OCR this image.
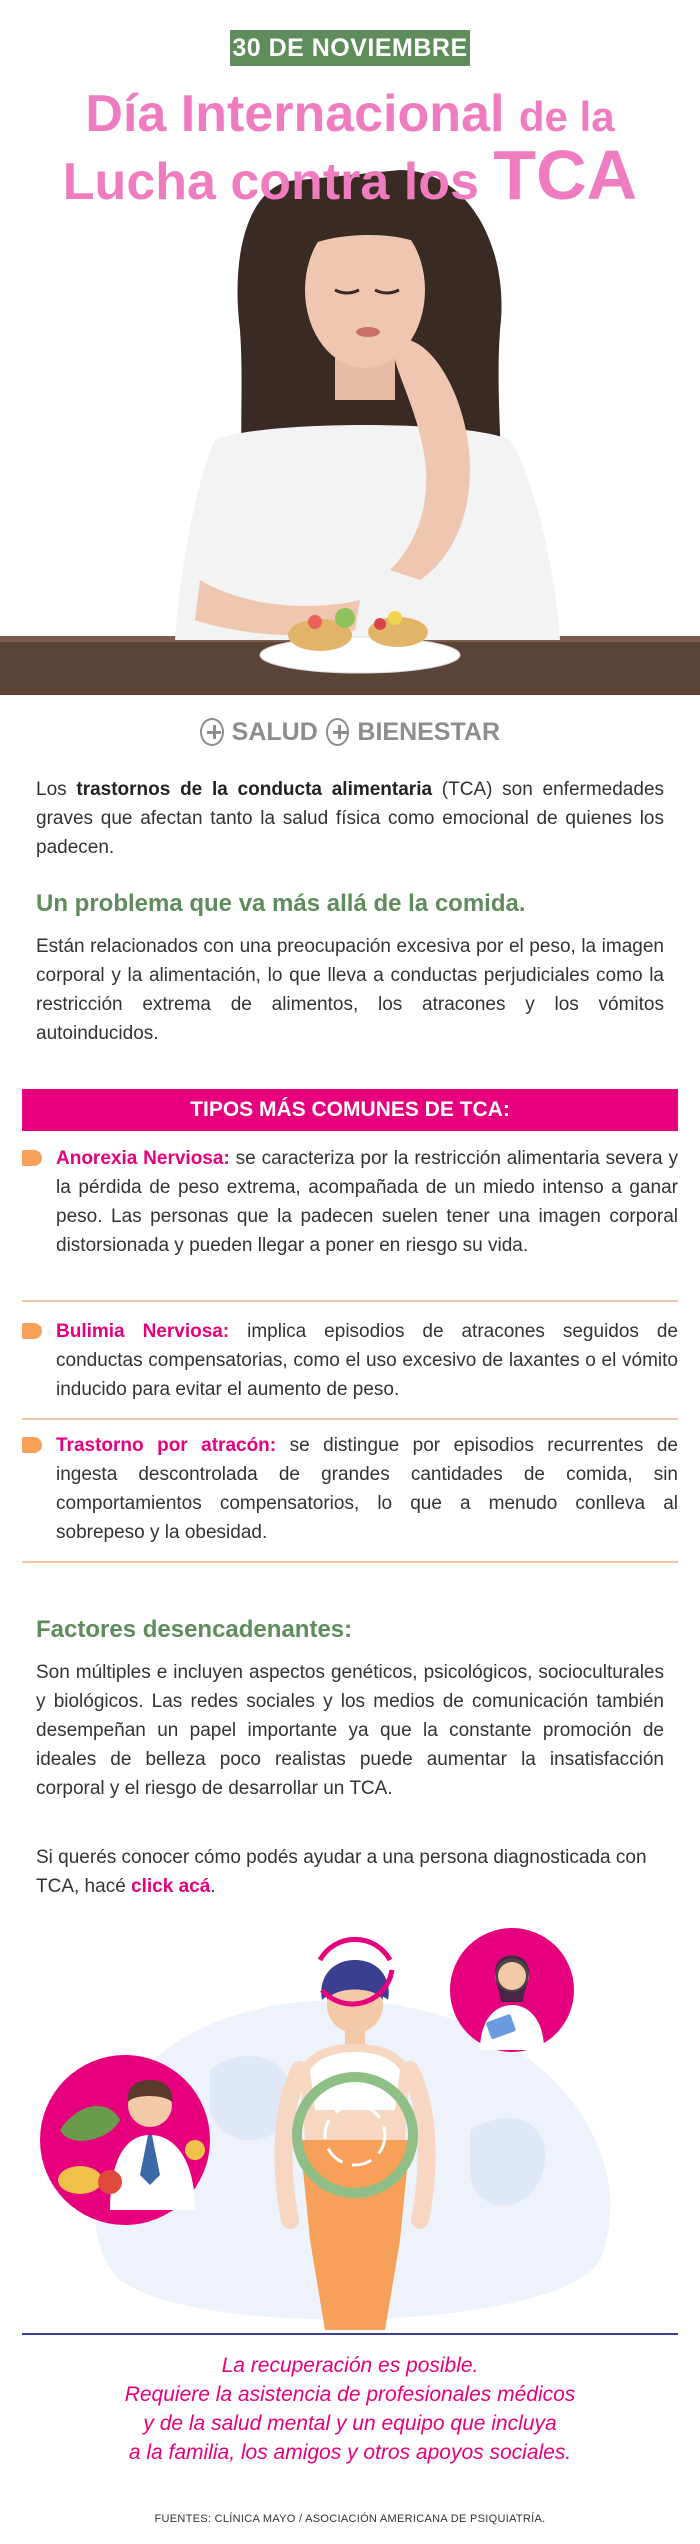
30 DE NOVIEMBRE
Día Internacional de la
Lucha contra los TCA
SALUD BIENESTAR
Los trastornos de la conducta alimentaria (TCA) son enfermedades graves que afectan tanto la salud física como emocional de quienes los padecen.
Un problema que va más allá de la comida.
Están relacionados con una preocupación excesiva por el peso, la imagen corporal y la alimentación, lo que lleva a conductas perjudiciales como la restricción extrema de alimentos, los atracones y los vómitos autoinducidos.
TIPOS MÁS COMUNES DE TCA:
Anorexia Nerviosa: se caracteriza por la restricción alimentaria severa y la pérdida de peso extrema, acompañada de un miedo intenso a ganar peso. Las personas que la padecen suelen tener una imagen corporal distorsionada y pueden llegar a poner en riesgo su vida.
Bulimia Nerviosa: implica episodios de atracones seguidos de conductas compensatorias, como el uso excesivo de laxantes o el vómito inducido para evitar el aumento de peso.
Trastorno por atracón: se distingue por episodios recurrentes de ingesta descontrolada de grandes cantidades de comida, sin comportamientos compensatorios, lo que a menudo conlleva al sobrepeso y la obesidad.
Factores desencadenantes:
Son múltiples e incluyen aspectos genéticos, psicológicos, socioculturales y biológicos. Las redes sociales y los medios de comunicación también desempeñan un papel importante ya que la constante promoción de ideales de belleza poco realistas puede aumentar la insatisfacción corporal y el riesgo de desarrollar un TCA.
Si querés conocer cómo podés ayudar a una persona diagnosticada con TCA, hacé click acá.
La recuperación es posible.
Requiere la asistencia de profesionales médicos
y de la salud mental y un equipo que incluya
a la familia, los amigos y otros apoyos sociales.
FUENTES: CLÍNICA MAYO / ASOCIACIÓN AMERICANA DE PSIQUIATRÍA.
